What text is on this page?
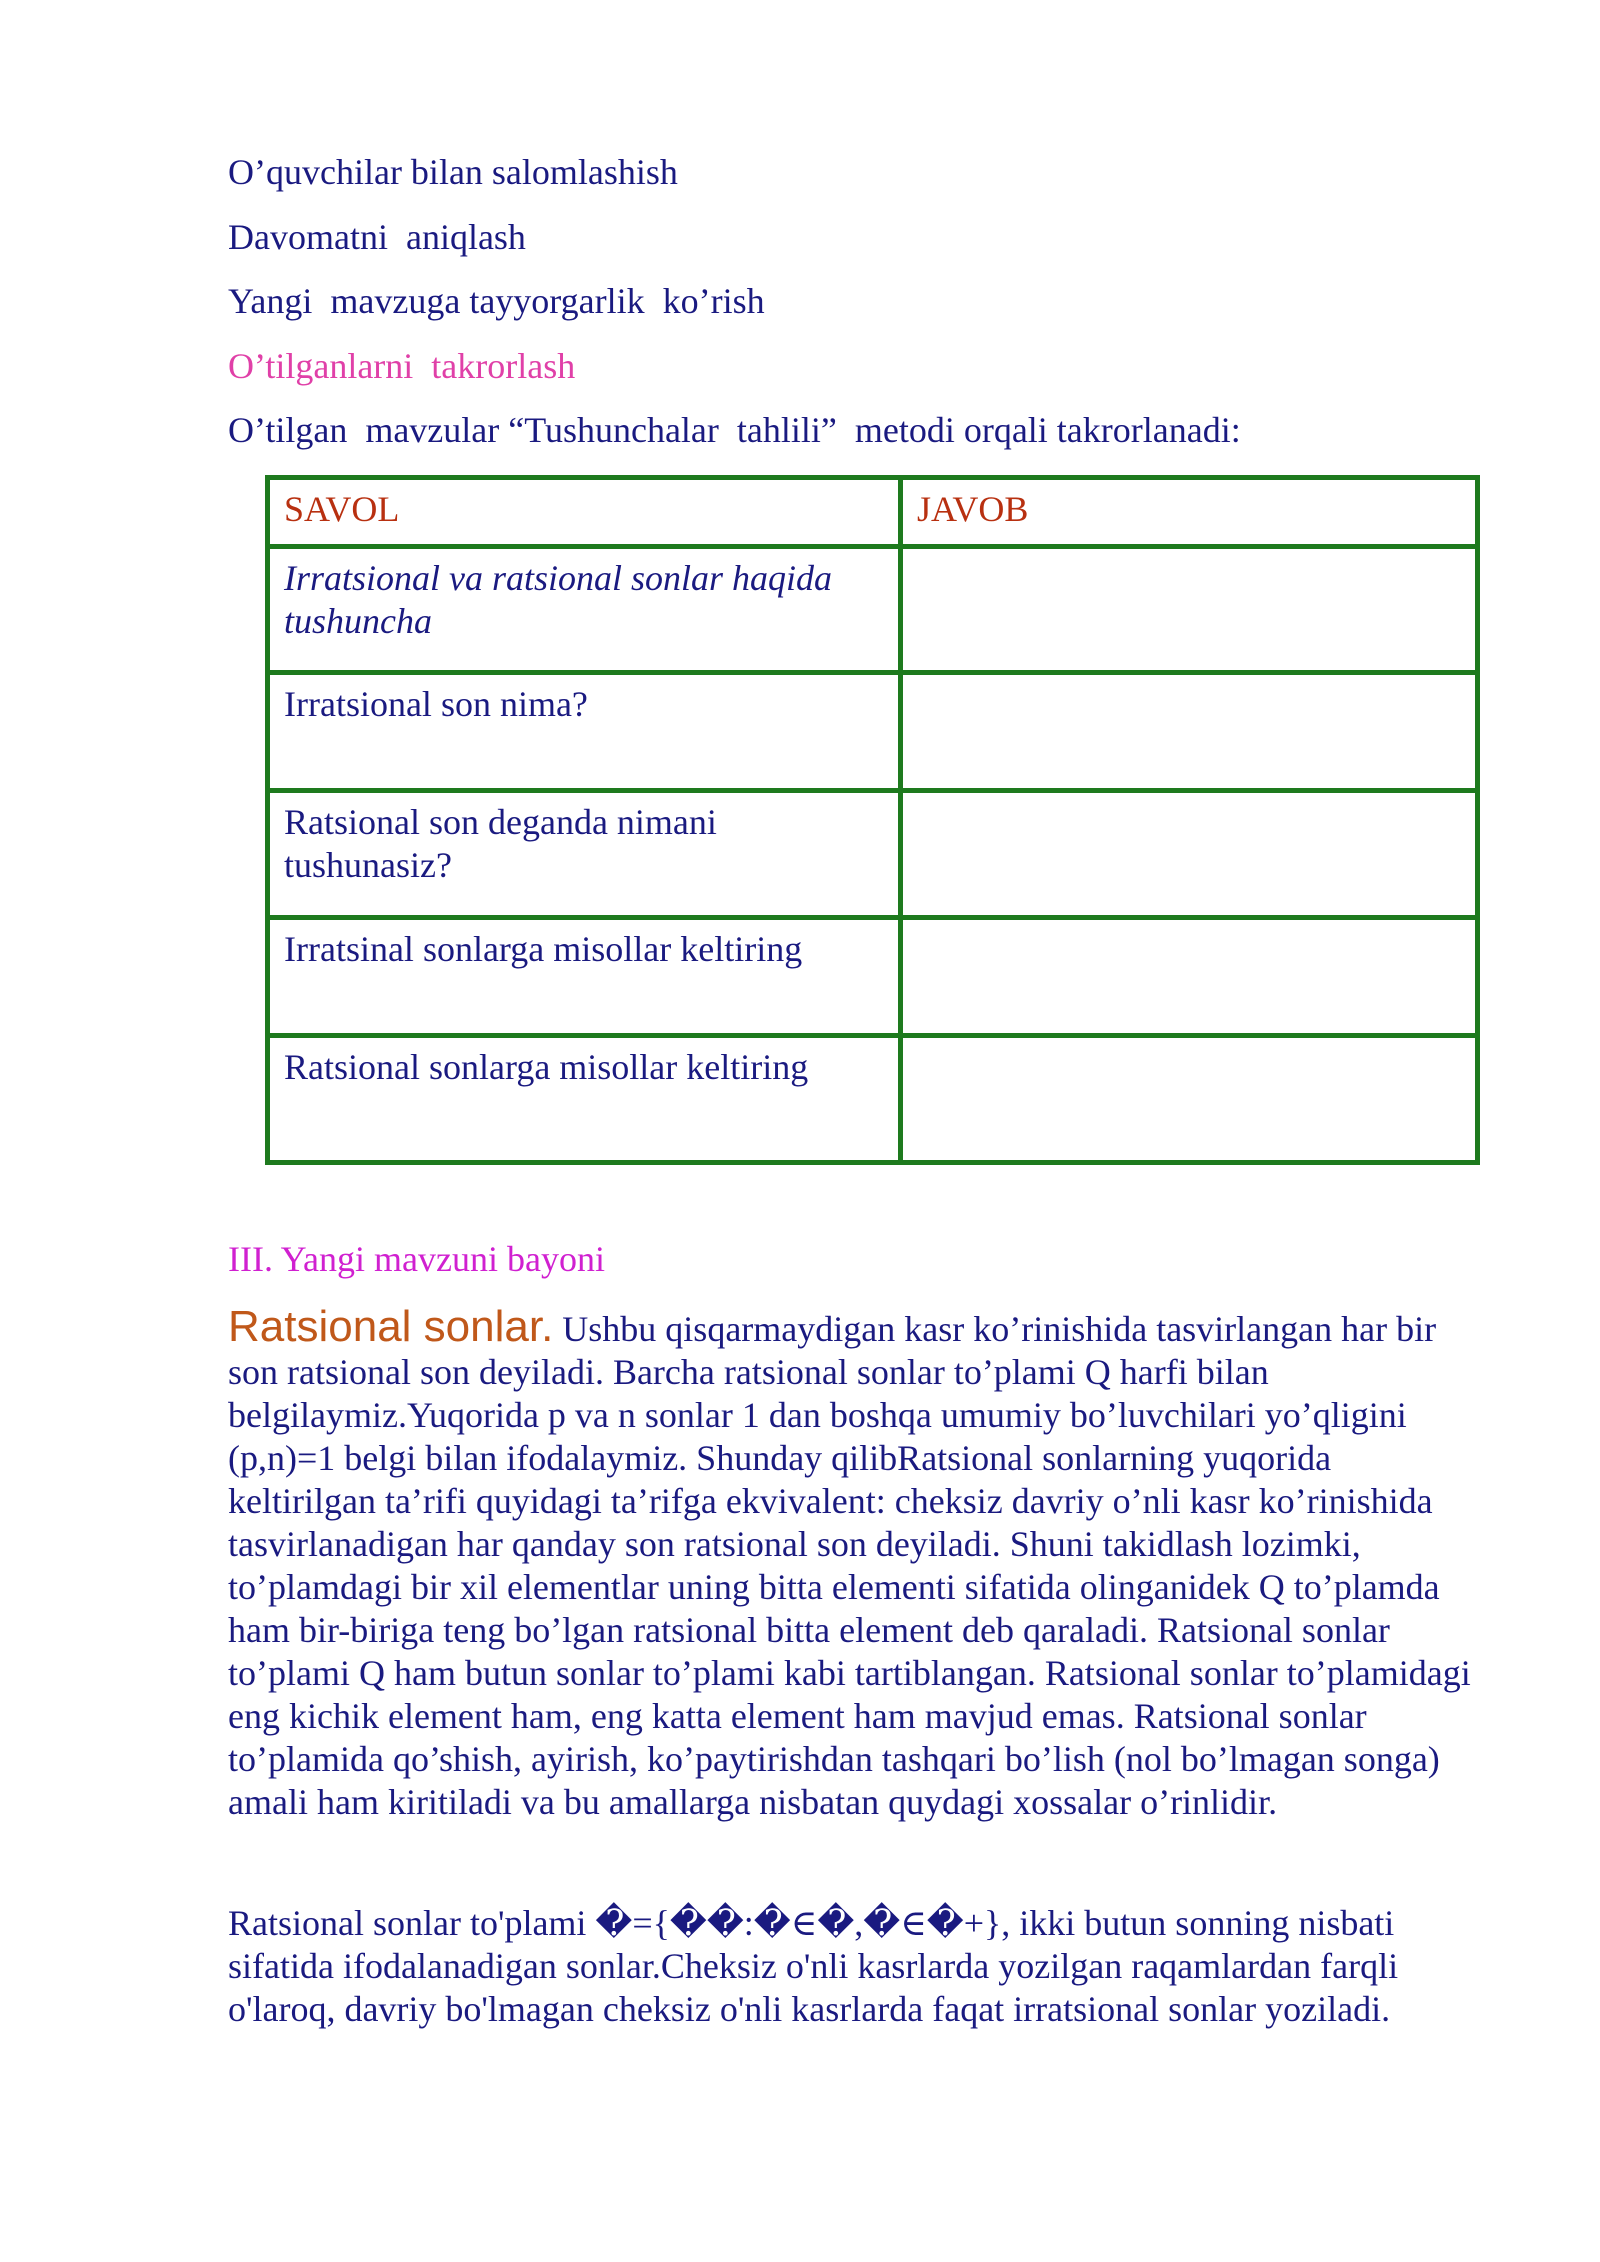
O’quvchilar bilan salomlashish

Davomatni  aniqlash

Yangi  mavzuga tayyorgarlik  ko’rish

O’tilganlarni  takrorlash

O’tilgan  mavzular “Tushunchalar  tahlili”  metodi orqali takrorlanadi:

SAVOL	JAVOB
Irratsional va ratsional sonlar haqida tushuncha	
Irratsional son nima?	
Ratsional son deganda nimani tushunasiz?	
Irratsinal sonlarga misollar keltiring	
Ratsional sonlarga misollar keltiring	

III. Yangi mavzuni bayoni

Ratsional sonlar. Ushbu qisqarmaydigan kasr ko’rinishida tasvirlangan har bir son ratsional son deyiladi. Barcha ratsional sonlar to’plami Q harfi bilan belgilaymiz.Yuqorida p va n sonlar 1 dan boshqa umumiy bo’luvchilari yo’qligini (p,n)=1 belgi bilan ifodalaymiz. Shunday qilibRatsional sonlarning yuqorida keltirilgan ta’rifi quyidagi ta’rifga ekvivalent: cheksiz davriy o’nli kasr ko’rinishida tasvirlanadigan har qanday son ratsional son deyiladi. Shuni takidlash lozimki, to’plamdagi bir xil elementlar uning bitta elementi sifatida olinganidek Q to’plamda ham bir-biriga teng bo’lgan ratsional bitta element deb qaraladi. Ratsional sonlar to’plami Q ham butun sonlar to’plami kabi tartiblangan. Ratsional sonlar to’plamidagi eng kichik element ham, eng katta element ham mavjud emas. Ratsional sonlar to’plamida qo’shish, ayirish, ko’paytirishdan tashqari bo’lish (nol bo’lmagan songa) amali ham kiritiladi va bu amallarga nisbatan quydagi xossalar o’rinlidir.

Ratsional sonlar to'plami �={��:�∈�,�∈�+}, ikki butun sonning nisbati sifatida ifodalanadigan sonlar.Cheksiz o'nli kasrlarda yozilgan raqamlardan farqli o'laroq, davriy bo'lmagan cheksiz o'nli kasrlarda faqat irratsional sonlar yoziladi.
